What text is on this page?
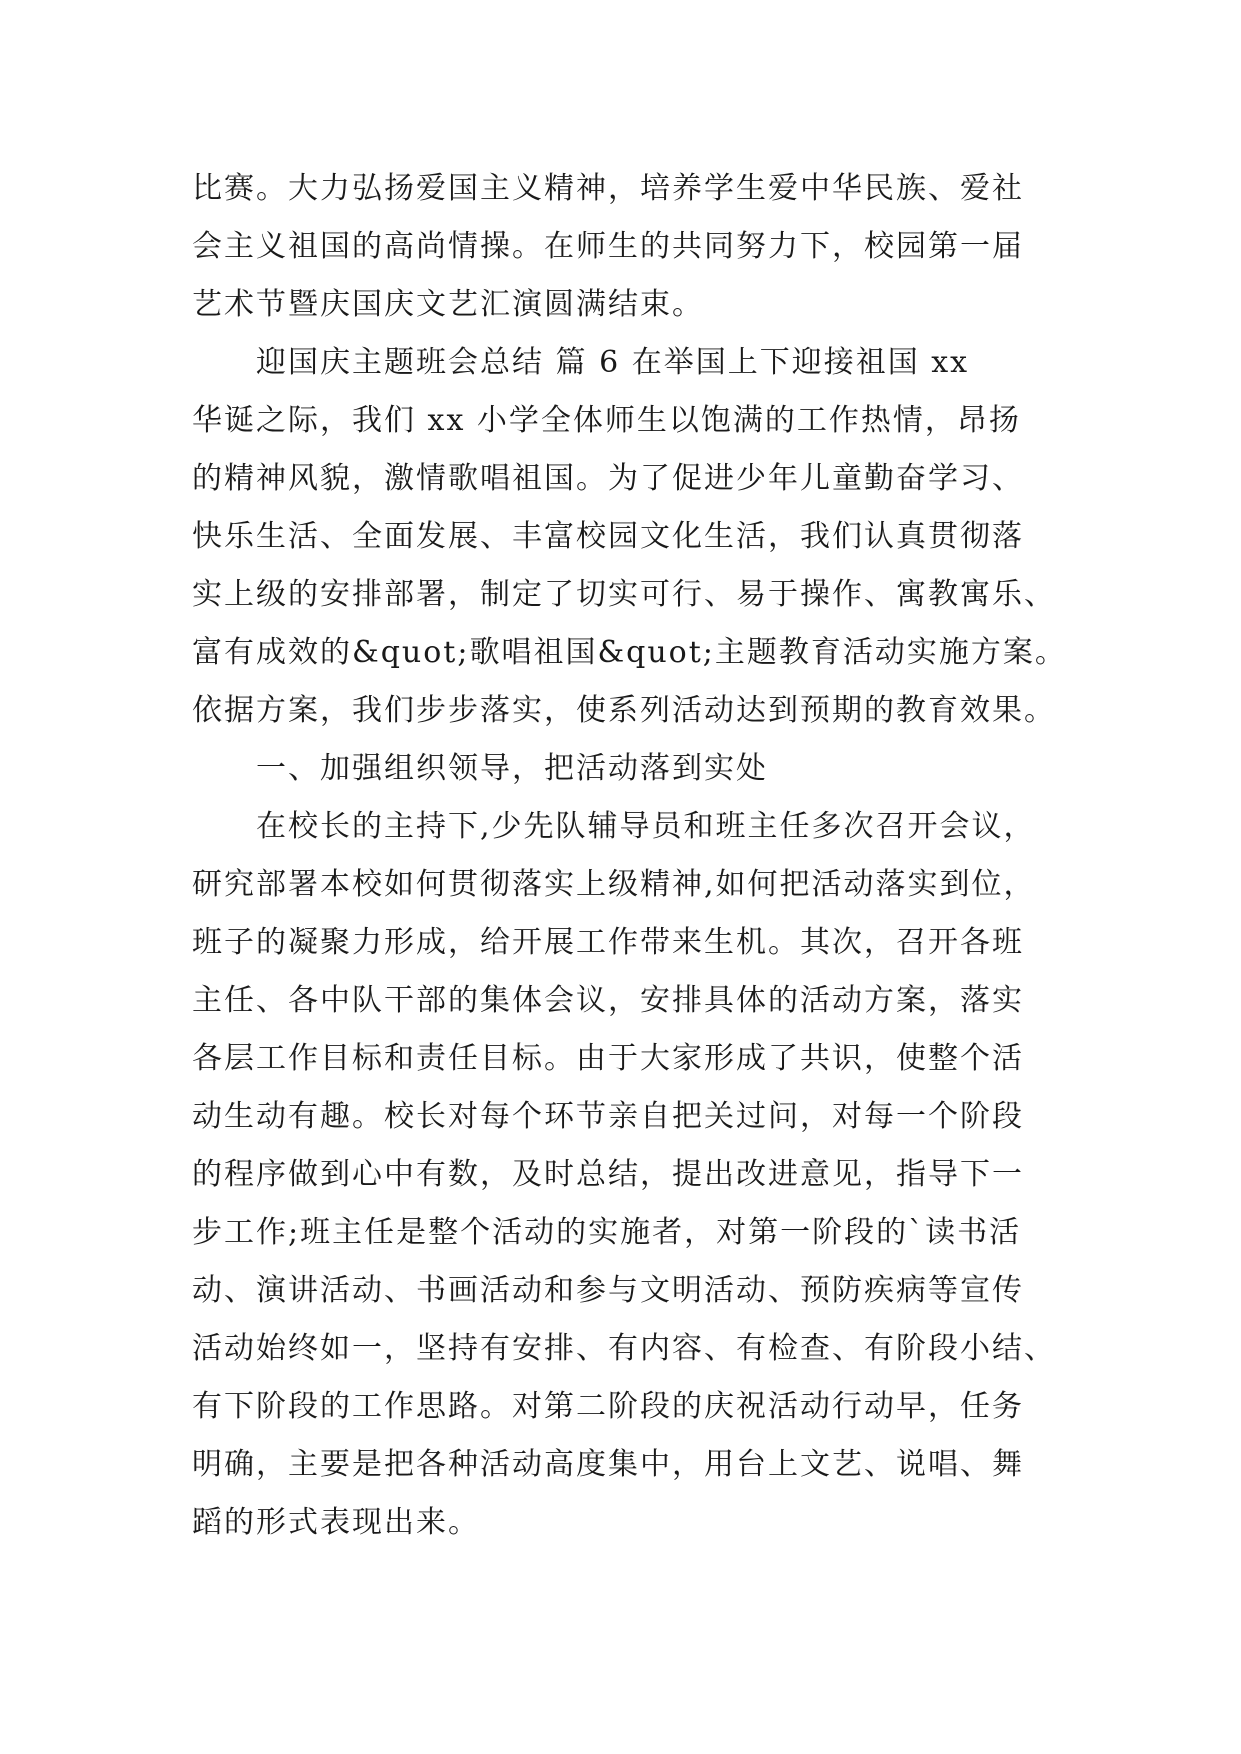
比赛。大力弘扬爱国主义精神，培养学生爱中华民族、爱社
会主义祖国的高尚情操。在师生的共同努力下，校园第一届
艺术节暨庆国庆文艺汇演圆满结束。
迎国庆主题班会总结 篇 6 在举国上下迎接祖国 xx
华诞之际，我们 xx 小学全体师生以饱满的工作热情，昂扬
的精神风貌，激情歌唱祖国。为了促进少年儿童勤奋学习、
快乐生活、全面发展、丰富校园文化生活，我们认真贯彻落
实上级的安排部署，制定了切实可行、易于操作、寓教寓乐、
富有成效的&quot;歌唱祖国&quot;主题教育活动实施方案。
依据方案，我们步步落实，使系列活动达到预期的教育效果。
一、加强组织领导，把活动落到实处
在校长的主持下,少先队辅导员和班主任多次召开会议，
研究部署本校如何贯彻落实上级精神,如何把活动落实到位，
班子的凝聚力形成，给开展工作带来生机。其次，召开各班
主任、各中队干部的集体会议，安排具体的活动方案，落实
各层工作目标和责任目标。由于大家形成了共识，使整个活
动生动有趣。校长对每个环节亲自把关过问，对每一个阶段
的程序做到心中有数，及时总结，提出改进意见，指导下一
步工作;班主任是整个活动的实施者，对第一阶段的`读书活
动、演讲活动、书画活动和参与文明活动、预防疾病等宣传
活动始终如一，坚持有安排、有内容、有检查、有阶段小结、
有下阶段的工作思路。对第二阶段的庆祝活动行动早，任务
明确，主要是把各种活动高度集中，用台上文艺、说唱、舞
蹈的形式表现出来。
